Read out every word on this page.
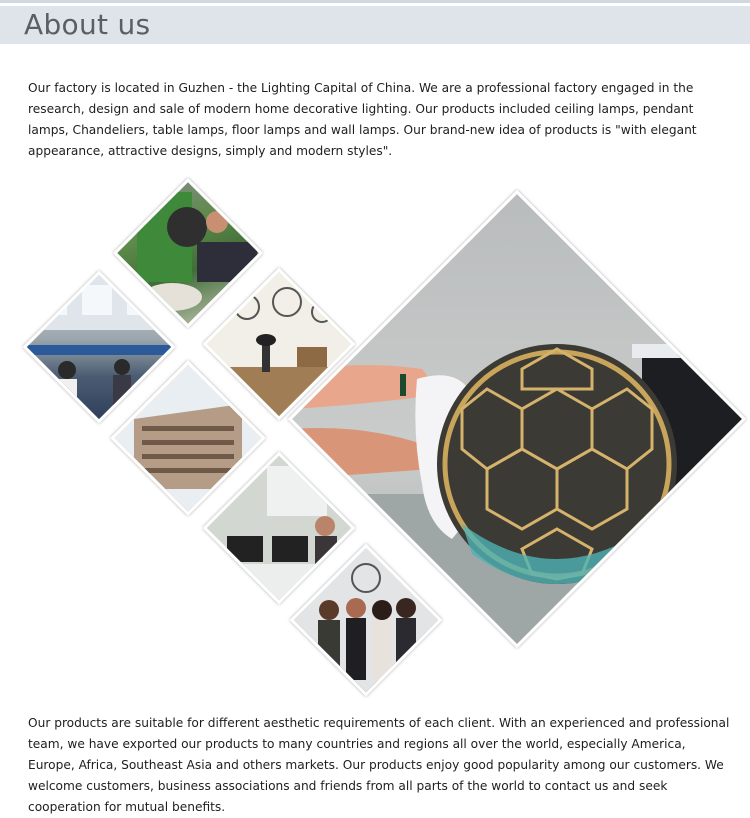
About us

Our factory is located in Guzhen - the Lighting Capital of China. We are a professional factory engaged in the research, design and sale of modern home decorative lighting. Our products included ceiling lamps, pendant lamps, Chandeliers, table lamps, floor lamps and wall lamps. Our brand-new idea of products is "with elegant appearance, attractive designs, simply and modern styles".

Our products are suitable for different aesthetic requirements of each client. With an experienced and professional team, we have exported our products to many countries and regions all over the world, especially America, Europe, Africa, Southeast Asia and others markets. Our products enjoy good popularity among our customers. We welcome customers, business associations and friends from all parts of the world to contact us and seek cooperation for mutual benefits.
